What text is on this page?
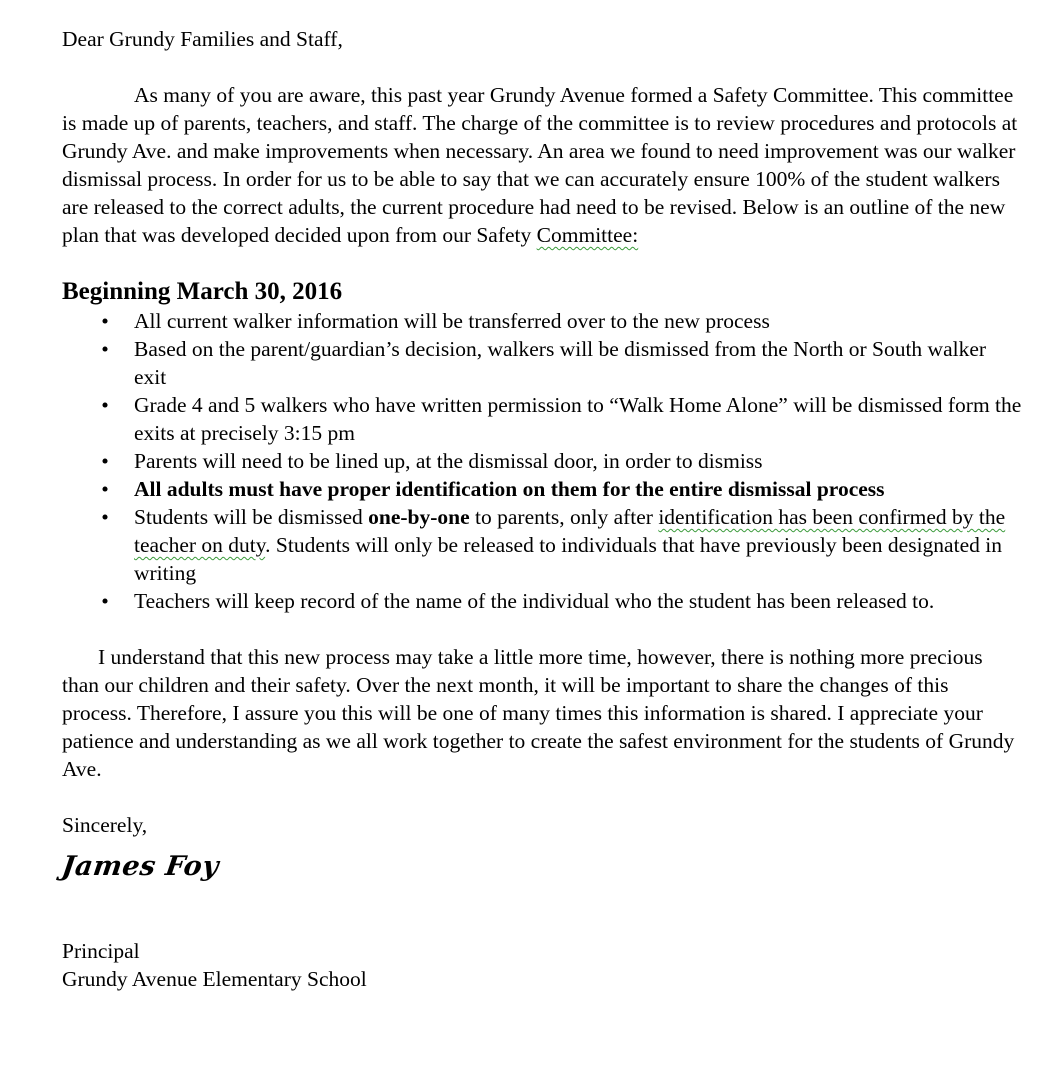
Dear Grundy Families and Staff,

As many of you are aware, this past year Grundy Avenue formed a Safety Committee. This committee is made up of parents, teachers, and staff. The charge of the committee is to review procedures and protocols at Grundy Ave. and make improvements when necessary. An area we found to need improvement was our walker dismissal process. In order for us to be able to say that we can accurately ensure 100% of the student walkers are released to the correct adults, the current procedure had need to be revised. Below is an outline of the new plan that was developed decided upon from our Safety Committee:

Beginning March 30, 2016

• All current walker information will be transferred over to the new process
• Based on the parent/guardian’s decision, walkers will be dismissed from the North or South walker exit
• Grade 4 and 5 walkers who have written permission to “Walk Home Alone” will be dismissed form the exits at precisely 3:15 pm
• Parents will need to be lined up, at the dismissal door, in order to dismiss
• All adults must have proper identification on them for the entire dismissal process
• Students will be dismissed one-by-one to parents, only after identification has been confirmed by the teacher on duty. Students will only be released to individuals that have previously been designated in writing
• Teachers will keep record of the name of the individual who the student has been released to.

I understand that this new process may take a little more time, however, there is nothing more precious than our children and their safety. Over the next month, it will be important to share the changes of this process. Therefore, I assure you this will be one of many times this information is shared. I appreciate your patience and understanding as we all work together to create the safest environment for the students of Grundy Ave.

Sincerely,

James Foy

Principal

Grundy Avenue Elementary School
